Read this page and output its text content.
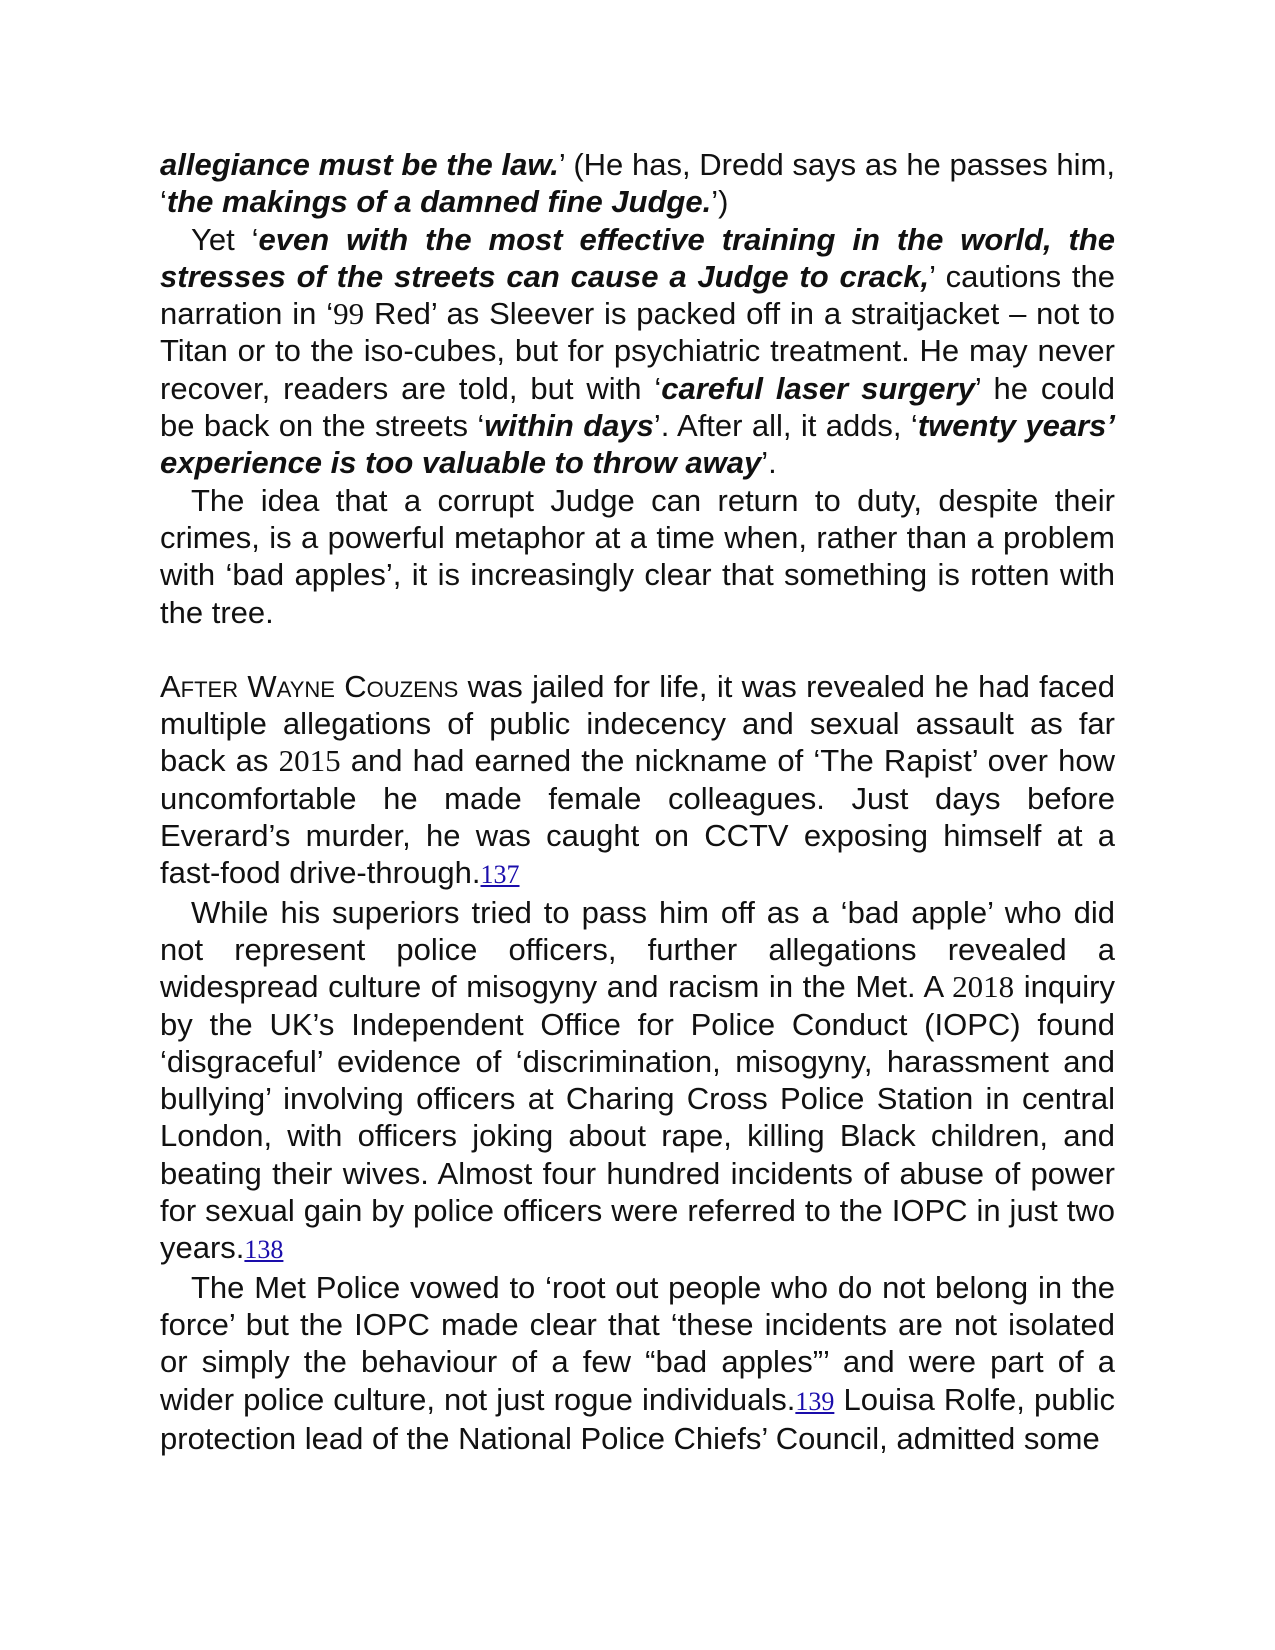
allegiance must be the law.’ (He has, Dredd says as he passes him, ‘the makings of a damned fine Judge.’)

Yet ‘even with the most effective training in the world, the stresses of the streets can cause a Judge to crack,’ cautions the narration in ‘99 Red’ as Sleever is packed off in a straitjacket – not to Titan or to the iso-cubes, but for psychiatric treatment. He may never recover, readers are told, but with ‘careful laser surgery’ he could be back on the streets ‘within days’. After all, it adds, ‘twenty years’ experience is too valuable to throw away’.

The idea that a corrupt Judge can return to duty, despite their crimes, is a powerful metaphor at a time when, rather than a problem with ‘bad apples’, it is increasingly clear that something is rotten with the tree.

After Wayne Couzens was jailed for life, it was revealed he had faced multiple allegations of public indecency and sexual assault as far back as 2015 and had earned the nickname of ‘The Rapist’ over how uncomfortable he made female colleagues. Just days before Everard’s murder, he was caught on CCTV exposing himself at a fast-food drive-through.137

While his superiors tried to pass him off as a ‘bad apple’ who did not represent police officers, further allegations revealed a widespread culture of misogyny and racism in the Met. A 2018 inquiry by the UK’s Independent Office for Police Conduct (IOPC) found ‘disgraceful’ evidence of ‘discrimination, misogyny, harassment and bullying’ involving officers at Charing Cross Police Station in central London, with officers joking about rape, killing Black children, and beating their wives. Almost four hundred incidents of abuse of power for sexual gain by police officers were referred to the IOPC in just two years.138

The Met Police vowed to ‘root out people who do not belong in the force’ but the IOPC made clear that ‘these incidents are not isolated or simply the behaviour of a few “bad apples”’ and were part of a wider police culture, not just rogue individuals.139 Louisa Rolfe, public protection lead of the National Police Chiefs’ Council, admitted some
